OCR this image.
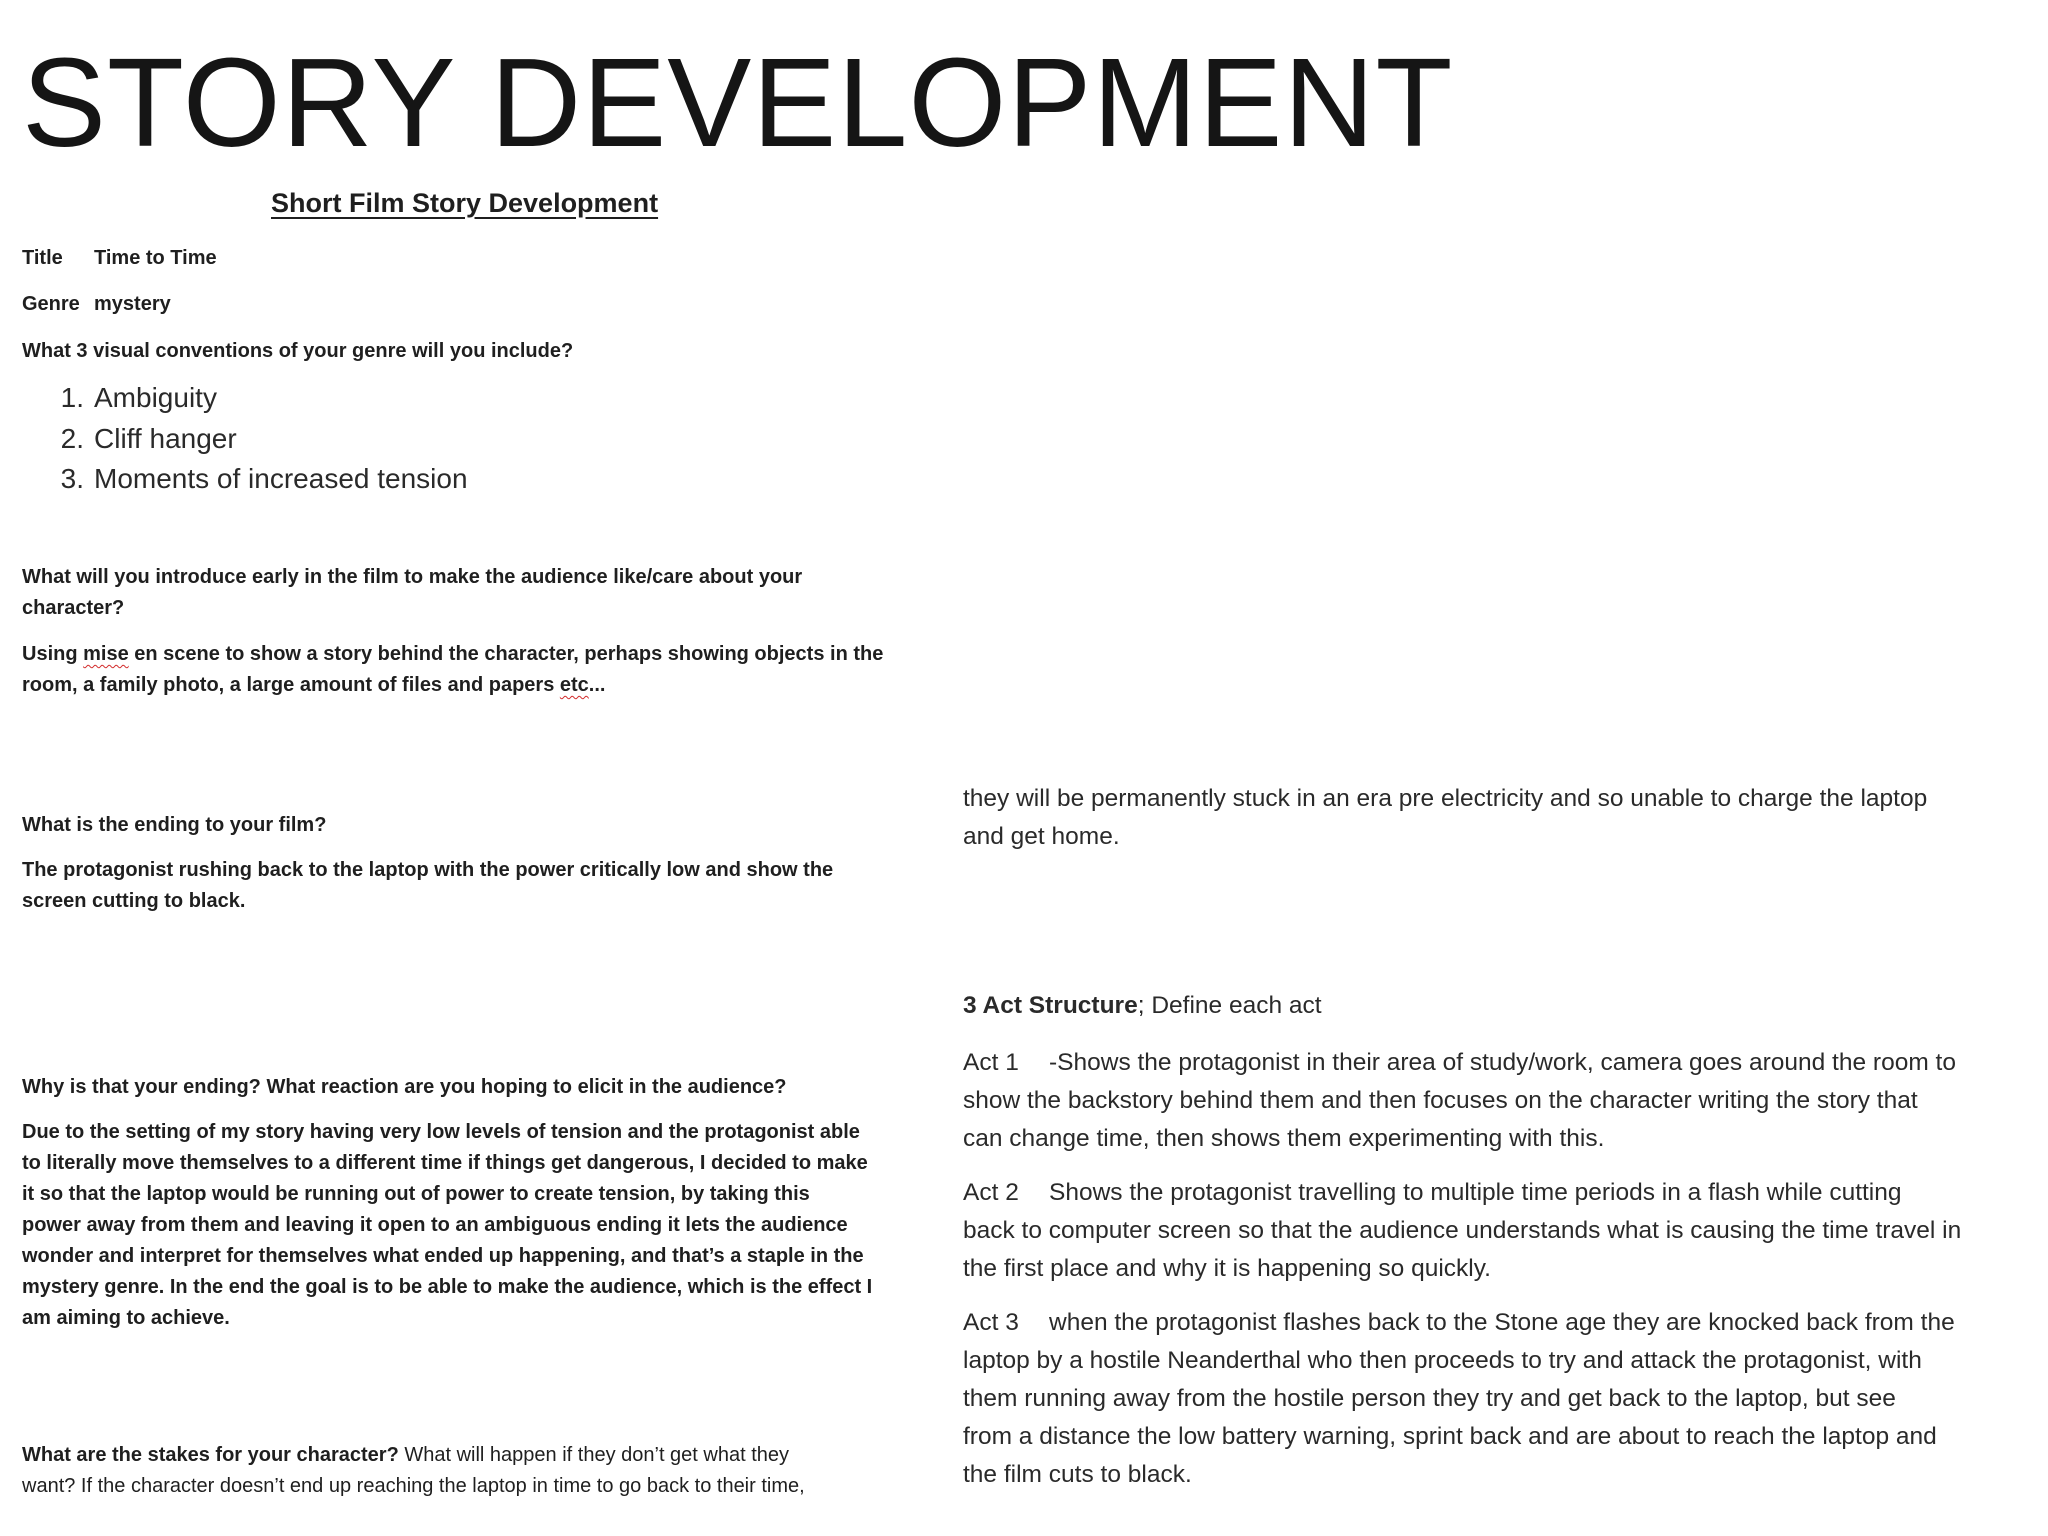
STORY DEVELOPMENT
Short Film Story Development
Title Time to Time
Genre mystery
What 3 visual conventions of your genre will you include?
1. Ambiguity
2. Cliff hanger
3. Moments of increased tension
What will you introduce early in the film to make the audience like/care about your
character?
Using mise en scene to show a story behind the character, perhaps showing objects in the
room, a family photo, a large amount of files and papers etc...
What is the ending to your film?
The protagonist rushing back to the laptop with the power critically low and show the
screen cutting to black.
Why is that your ending? What reaction are you hoping to elicit in the audience?
Due to the setting of my story having very low levels of tension and the protagonist able
to literally move themselves to a different time if things get dangerous, I decided to make
it so that the laptop would be running out of power to create tension, by taking this
power away from them and leaving it open to an ambiguous ending it lets the audience
wonder and interpret for themselves what ended up happening, and that’s a staple in the
mystery genre. In the end the goal is to be able to make the audience, which is the effect I
am aiming to achieve.
What are the stakes for your character? What will happen if they don’t get what they
want? If the character doesn’t end up reaching the laptop in time to go back to their time,
they will be permanently stuck in an era pre electricity and so unable to charge the laptop
and get home.
3 Act Structure; Define each act
Act 1 -Shows the protagonist in their area of study/work, camera goes around the room to
show the backstory behind them and then focuses on the character writing the story that
can change time, then shows them experimenting with this.
Act 2 Shows the protagonist travelling to multiple time periods in a flash while cutting
back to computer screen so that the audience understands what is causing the time travel in
the first place and why it is happening so quickly.
Act 3 when the protagonist flashes back to the Stone age they are knocked back from the
laptop by a hostile Neanderthal who then proceeds to try and attack the protagonist, with
them running away from the hostile person they try and get back to the laptop, but see
from a distance the low battery warning, sprint back and are about to reach the laptop and
the film cuts to black.
